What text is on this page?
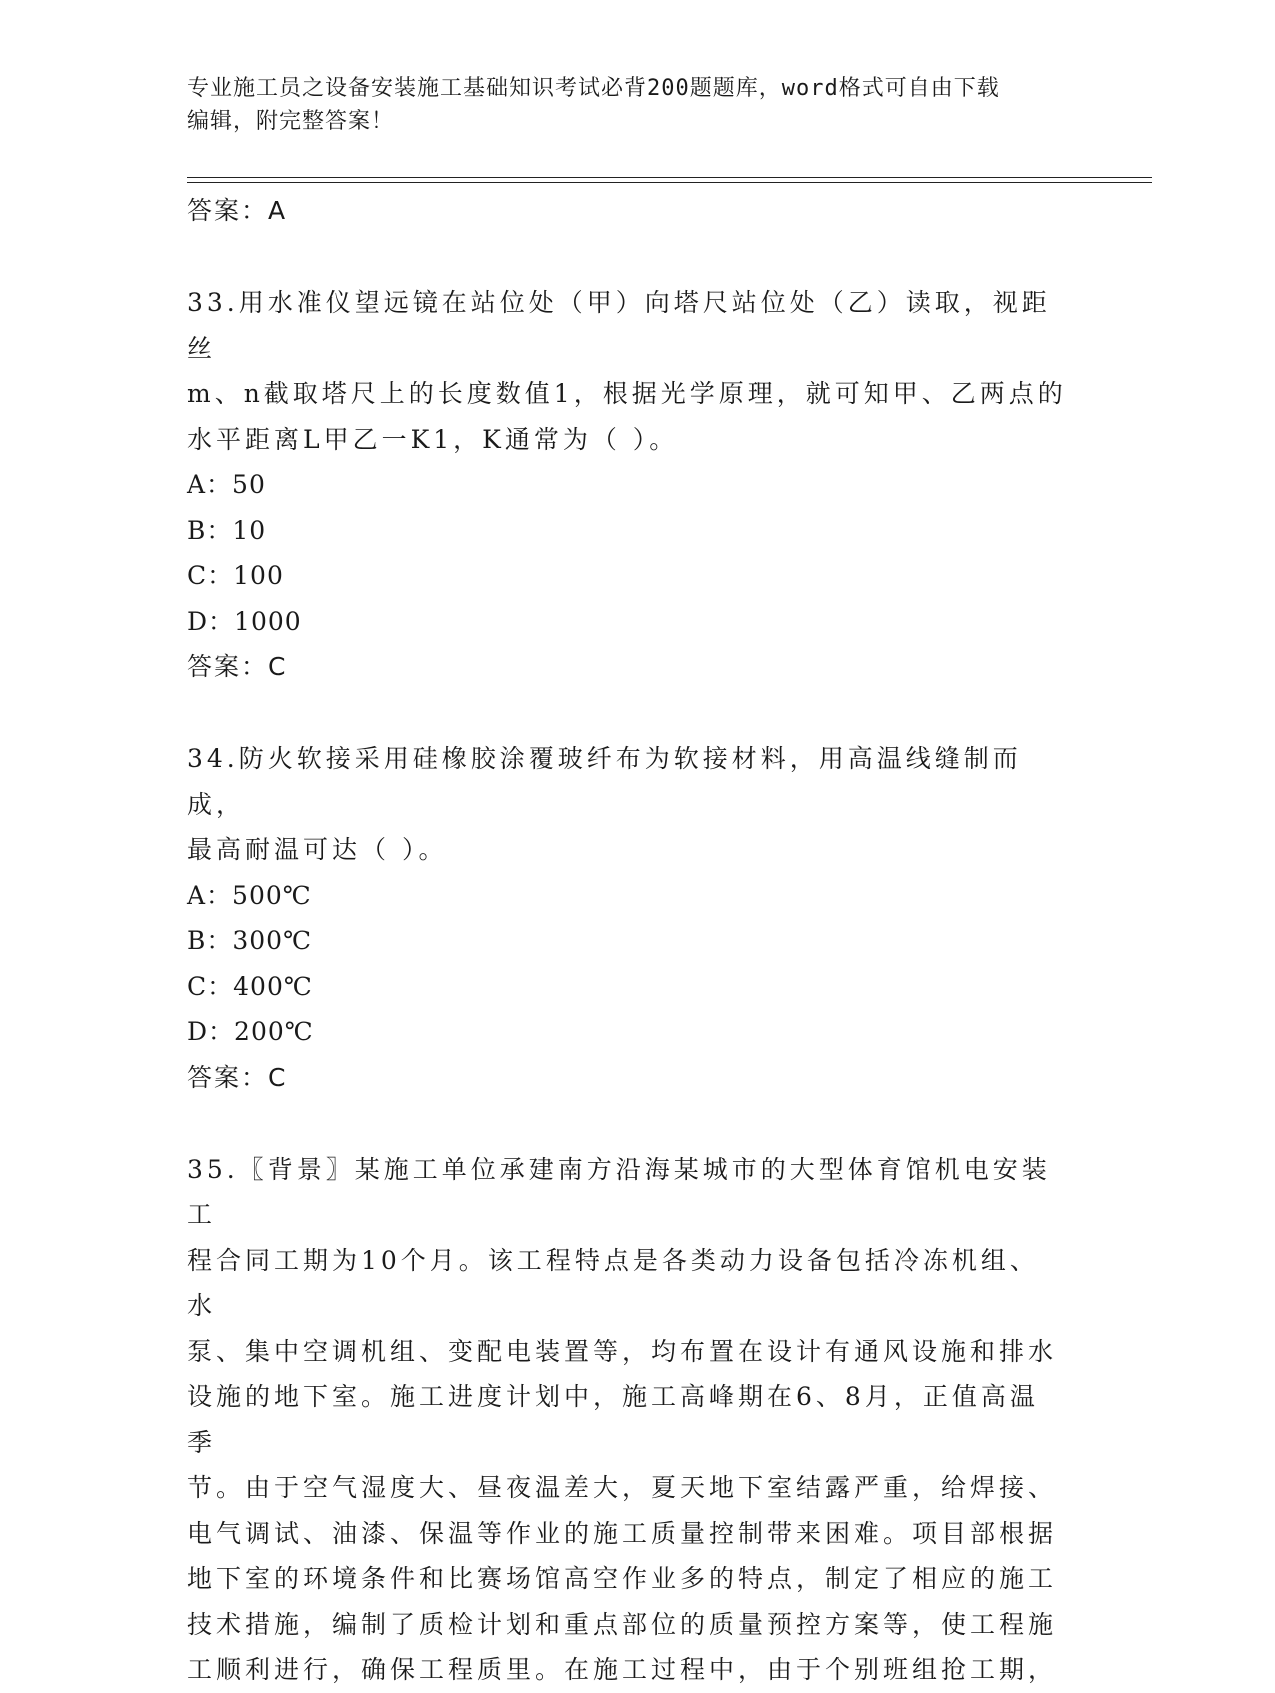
专业施工员之设备安装施工基础知识考试必背200题题库，word格式可自由下载
编辑，附完整答案！

答案：A

33.用水准仪望远镜在站位处（甲）向塔尺站位处（乙）读取，视距丝

m、n截取塔尺上的长度数值1，根据光学原理，就可知甲、乙两点的

水平距离L甲乙一K1，K通常为（ ）。

A：50

B：10

C：100

D：1000

答案：C

34.防火软接采用硅橡胶涂覆玻纤布为软接材料，用高温线缝制而成，

最高耐温可达（ ）。

A：500℃

B：300℃

C：400℃

D：200℃

答案：C

35.〖背景〗某施工单位承建南方沿海某城市的大型体育馆机电安装工

程合同工期为10个月。该工程特点是各类动力设备包括冷冻机组、水

泵、集中空调机组、变配电装置等，均布置在设计有通风设施和排水

设施的地下室。施工进度计划中，施工高峰期在6、8月，正值高温季

节。由于空气湿度大、昼夜温差大，夏天地下室结露严重，给焊接、

电气调试、油漆、保温等作业的施工质量控制带来困难。项目部根据

地下室的环境条件和比赛场馆高空作业多的特点，制定了相应的施工

技术措施，编制了质检计划和重点部位的质量预控方案等，使工程施

工顺利进行，确保工程质里。在施工过程中，由于个别班组抢工期，
